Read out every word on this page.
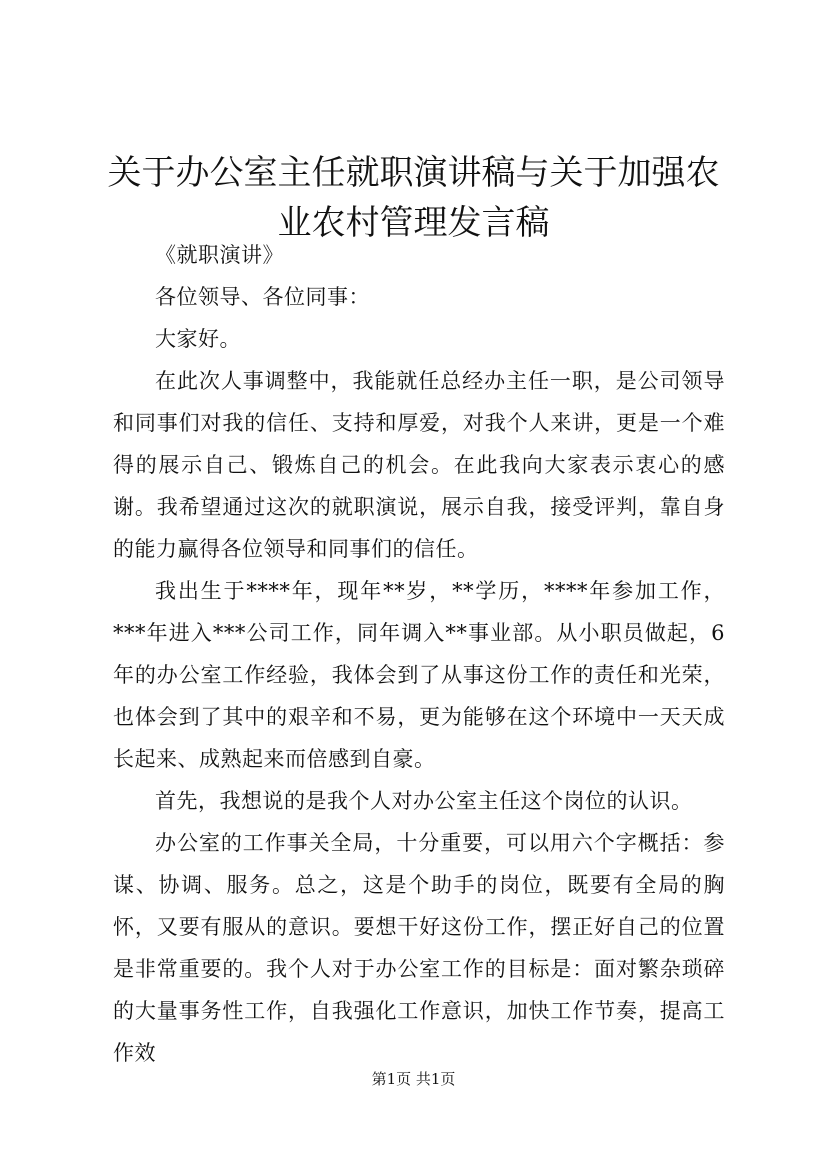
关于办公室主任就职演讲稿与关于加强农业农村管理发言稿

《就职演讲》

各位领导、各位同事：

大家好。

在此次人事调整中，我能就任总经办主任一职，是公司领导和同事们对我的信任、支持和厚爱，对我个人来讲，更是一个难得的展示自己、锻炼自己的机会。在此我向大家表示衷心的感谢。我希望通过这次的就职演说，展示自我，接受评判，靠自身的能力赢得各位领导和同事们的信任。

我出生于****年，现年**岁，**学历，****年参加工作，***年进入***公司工作，同年调入**事业部。从小职员做起，6年的办公室工作经验，我体会到了从事这份工作的责任和光荣，也体会到了其中的艰辛和不易，更为能够在这个环境中一天天成长起来、成熟起来而倍感到自豪。

首先，我想说的是我个人对办公室主任这个岗位的认识。

办公室的工作事关全局，十分重要，可以用六个字概括：参谋、协调、服务。总之，这是个助手的岗位，既要有全局的胸怀，又要有服从的意识。要想干好这份工作，摆正好自己的位置是非常重要的。我个人对于办公室工作的目标是：面对繁杂琐碎的大量事务性工作，自我强化工作意识，加快工作节奏，提高工作效

第1页 共1页
